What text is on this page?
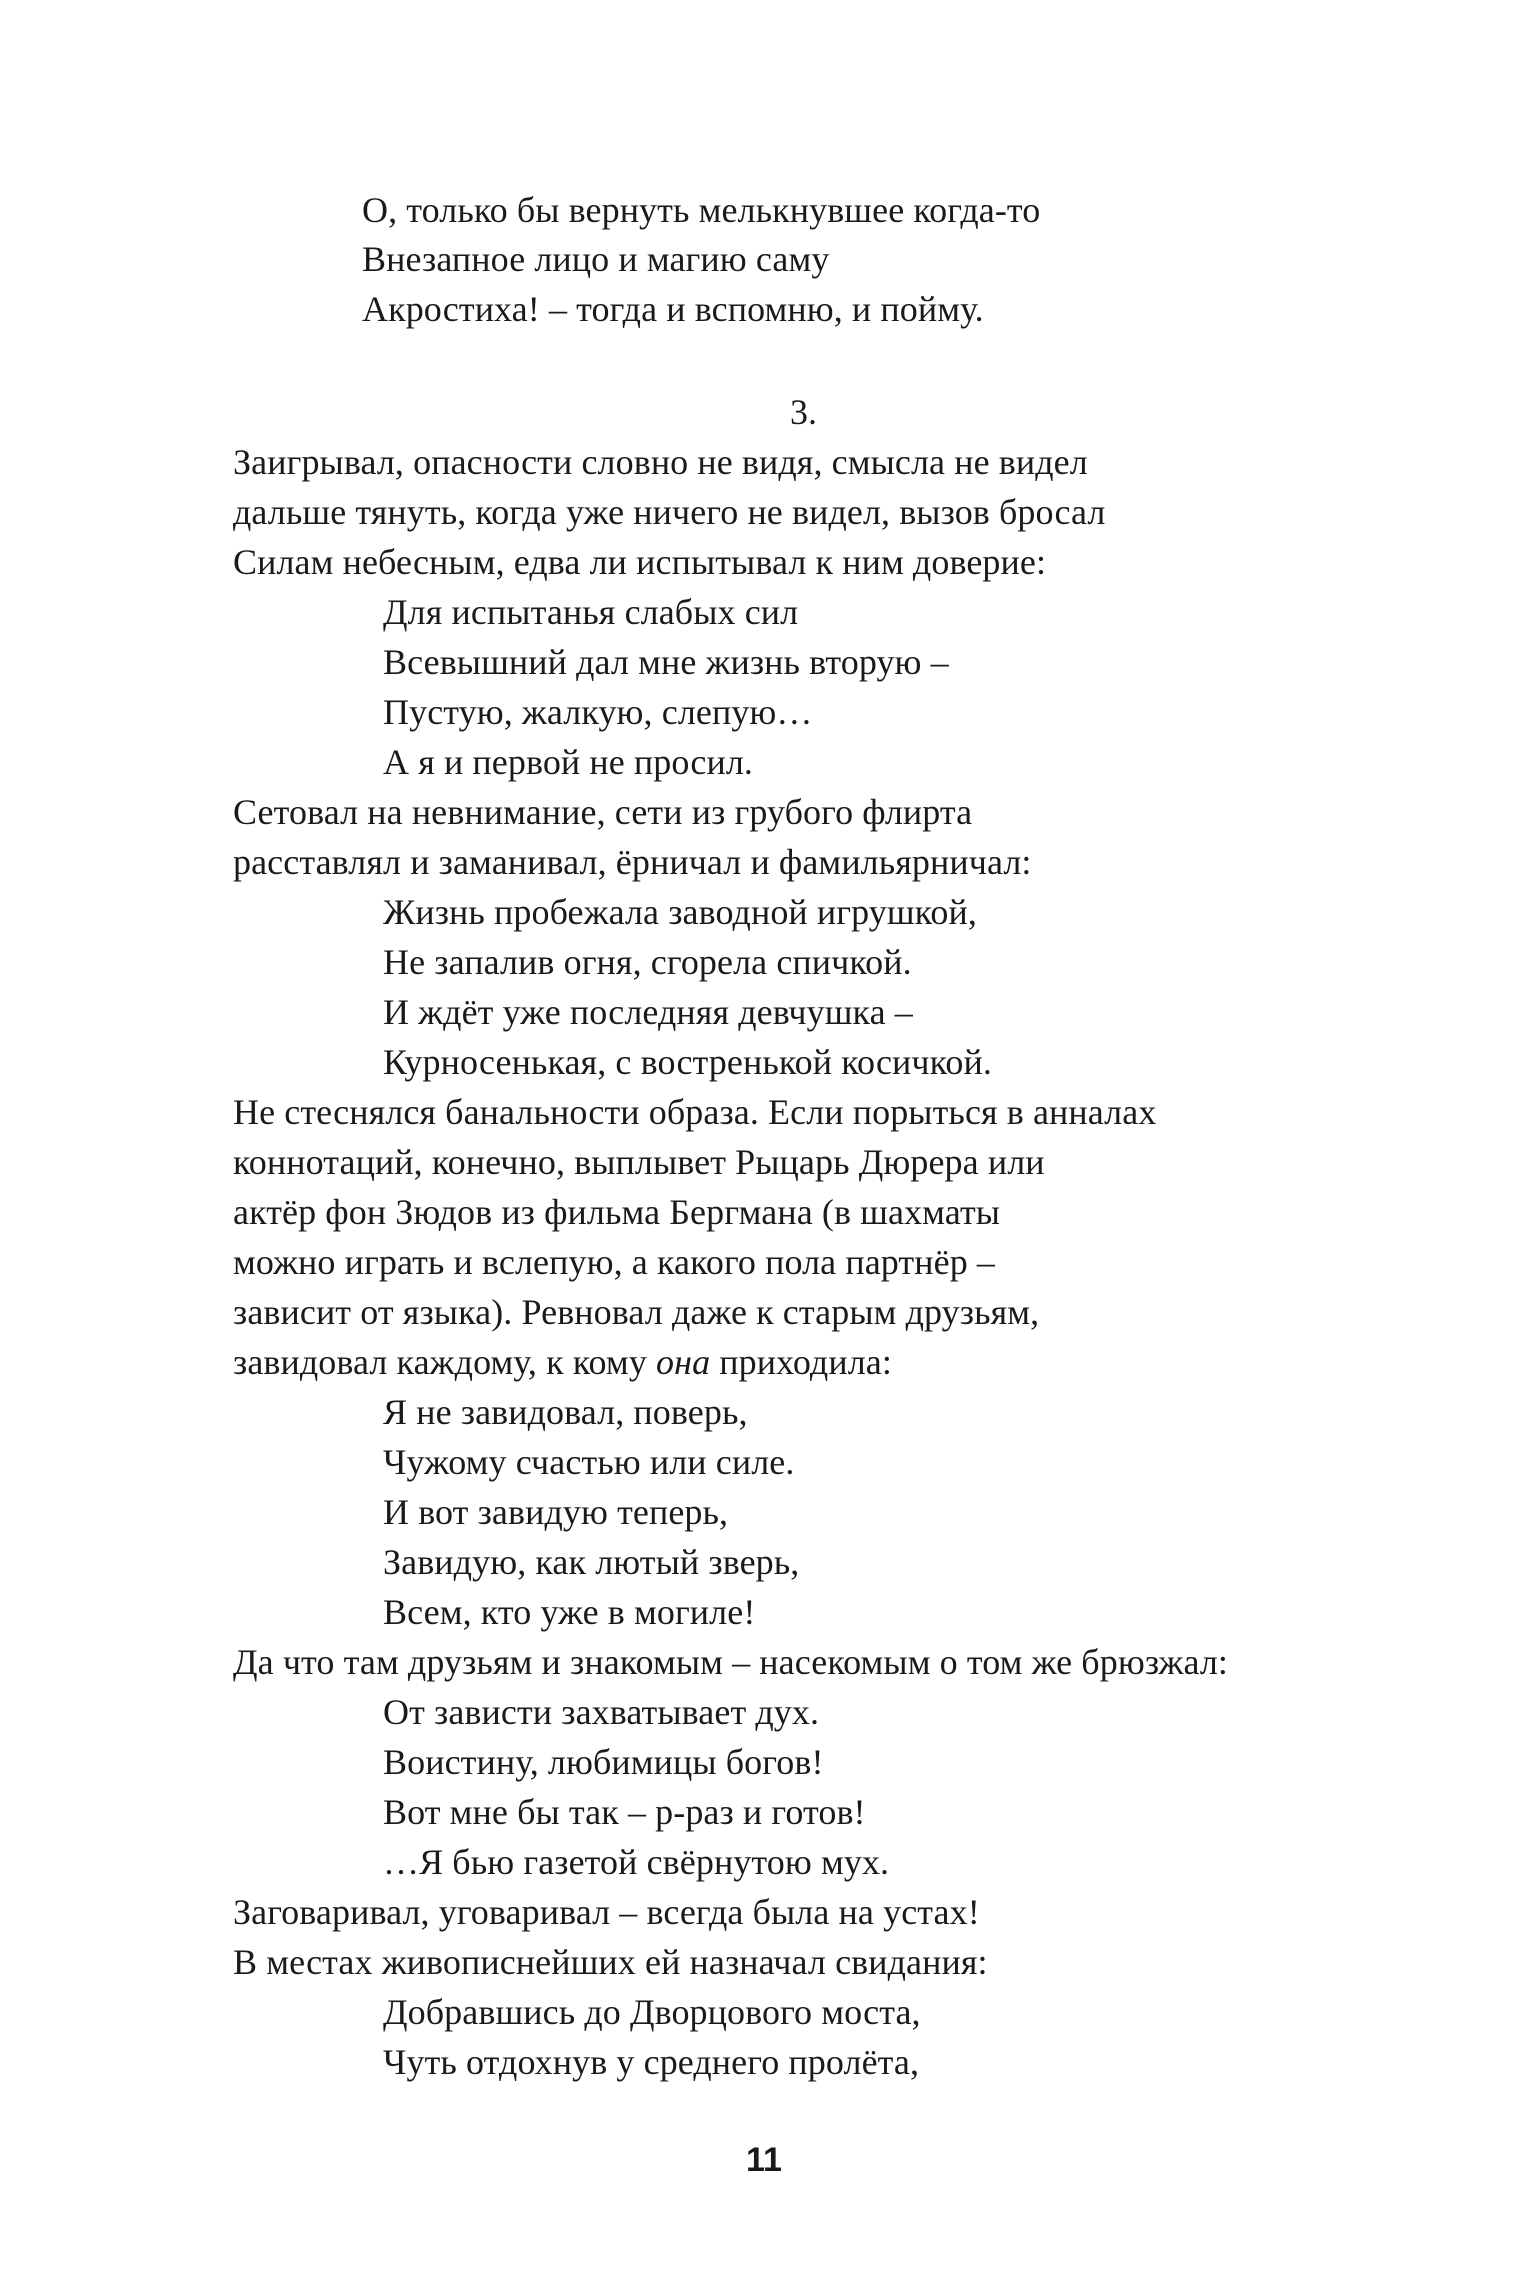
О, только бы вернуть мелькнувшее когда-то
Внезапное лицо и магию саму
Акростиха! – тогда и вспомню, и пойму.
3.
Заигрывал, опасности словно не видя, смысла не видел
дальше тянуть, когда уже ничего не видел, вызов бросал
Силам небесным, едва ли испытывал к ним доверие:
Для испытанья слабых сил
Всевышний дал мне жизнь вторую –
Пустую, жалкую, слепую…
А я и первой не просил.
Сетовал на невнимание, сети из грубого флирта
расставлял и заманивал, ёрничал и фамильярничал:
Жизнь пробежала заводной игрушкой,
Не запалив огня, сгорела спичкой.
И ждёт уже последняя девчушка –
Курносенькая, с востренькой косичкой.
Не стеснялся банальности образа. Если порыться в анналах
коннотаций, конечно, выплывет Рыцарь Дюрера или
актёр фон Зюдов из фильма Бергмана (в шахматы
можно играть и вслепую, а какого пола партнёр –
зависит от языка). Ревновал даже к старым друзьям,
завидовал каждому, к кому она приходила:
Я не завидовал, поверь,
Чужому счастью или силе.
И вот завидую теперь,
Завидую, как лютый зверь,
Всем, кто уже в могиле!
Да что там друзьям и знакомым – насекомым о том же брюзжал:
От зависти захватывает дух.
Воистину, любимицы богов!
Вот мне бы так – р-раз и готов!
…Я бью газетой свёрнутою мух.
Заговаривал, уговаривал – всегда была на устах!
В местах живописнейших ей назначал свидания:
Добравшись до Дворцового моста,
Чуть отдохнув у среднего пролёта,
11
